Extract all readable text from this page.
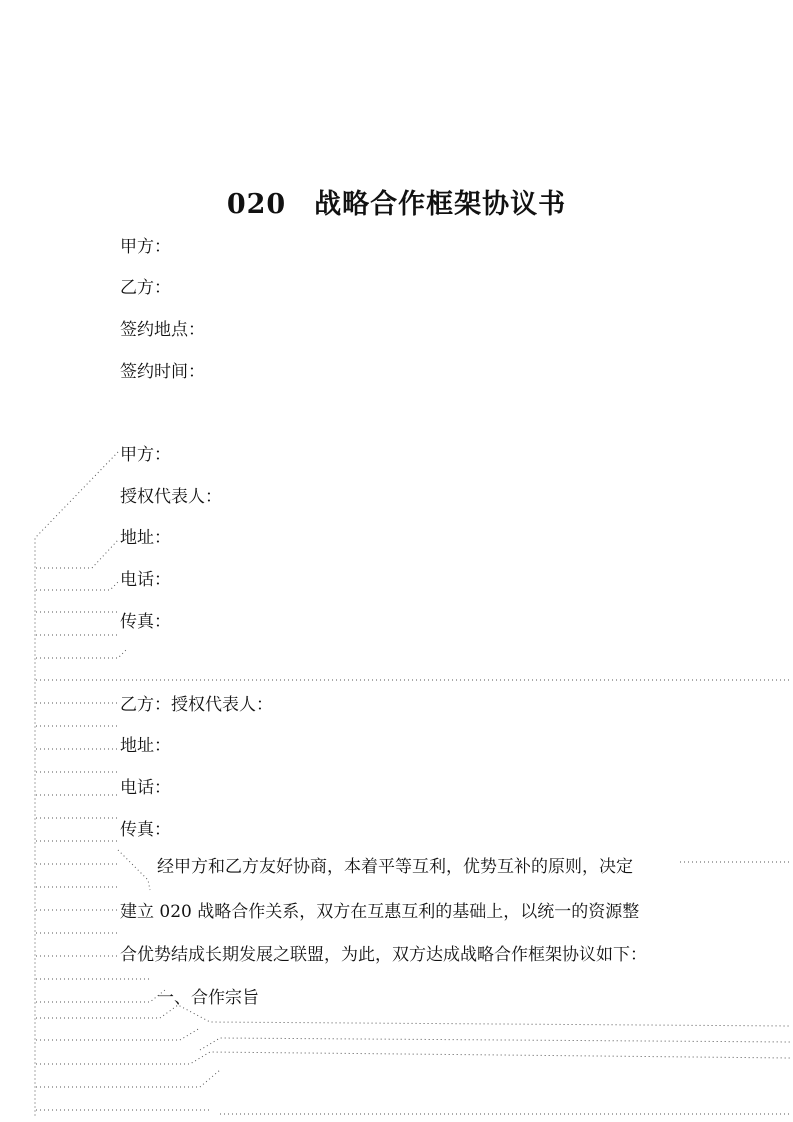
020　战略合作框架协议书
甲方：
乙方：
签约地点：
签约时间：
甲方：
授权代表人：
地址：
电话：
传真：
乙方：授权代表人：
地址：
电话：
传真：
经甲方和乙方友好协商，本着平等互利，优势互补的原则，决定
建立 020 战略合作关系，双方在互惠互利的基础上，以统一的资源整
合优势结成长期发展之联盟，为此，双方达成战略合作框架协议如下：
一、合作宗旨
